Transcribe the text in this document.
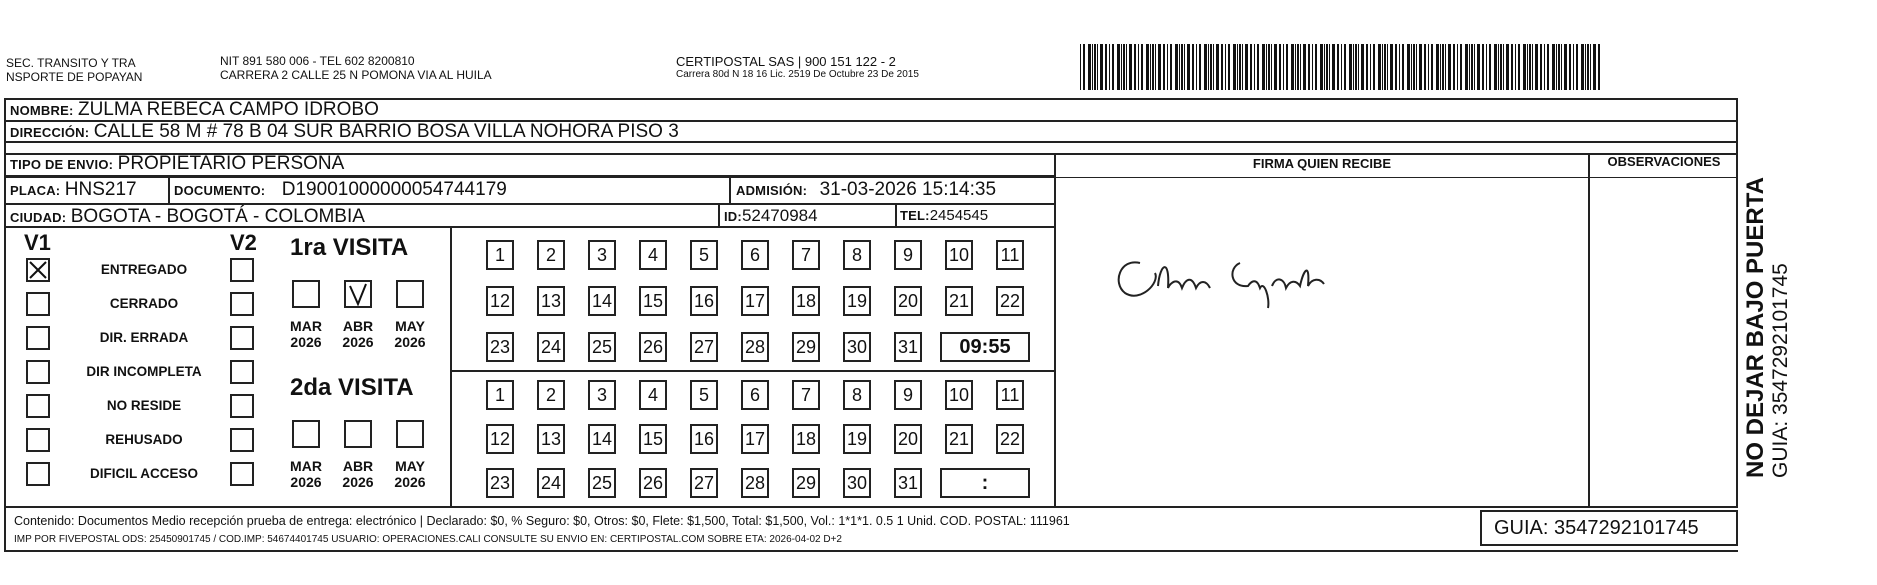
SEC. TRANSITO Y TRA
NSPORTE DE POPAYAN
NIT 891 580 006 - TEL 602 8200810
CARRERA 2 CALLE 25 N POMONA VIA AL HUILA
CERTIPOSTAL SAS | 900 151 122 - 2
Carrera 80d N 18 16 Lic. 2519 De Octubre 23 De 2015
NOMBRE: ZULMA REBECA CAMPO IDROBO
DIRECCIÓN: CALLE 58 M # 78 B 04 SUR BARRIO BOSA VILLA NOHORA PISO 3
TIPO DE ENVIO: PROPIETARIO PERSONA
PLACA: HNS217	DOCUMENTO: D19001000000054744179	ADMISIÓN: 31-03-2026 15:14:35
CIUDAD: BOGOTA - BOGOTÁ - COLOMBIA	ID:52470984	TEL:2454545
FIRMA QUIEN RECIBE	OBSERVACIONES
V1	V2
ENTREGADO
CERRADO
DIR. ERRADA
DIR INCOMPLETA
NO RESIDE
REHUSADO
DIFICIL ACCESO
1ra VISITA
2da VISITA
MAR
2026
ABR
2026
MAY
2026
MAR
2026
ABR
2026
MAY
2026
1	2	3	4	5	6	7	8	9	10 11
12 13 14 15 16 17 18 19 20 21 22
23 24 25 26 27 28 29 30 31	09:55
1	2	3	4	5	6	7	8	9	10 11
12 13 14 15 16 17 18 19 20 21 22
23 24 25 26 27 28 29 30 31	:
Contenido: Documentos Medio recepción prueba de entrega: electrónico | Declarado: $0, % Seguro: $0, Otros: $0, Flete: $1,500, Total: $1,500, Vol.: 1*1*1. 0.5 1 Unid. COD. POSTAL: 111961
IMP POR FIVEPOSTAL ODS: 25450901745 / COD.IMP: 54674401745 USUARIO: OPERACIONES.CALI CONSULTE SU ENVIO EN: CERTIPOSTAL.COM SOBRE ETA: 2026-04-02 D+2
GUIA: 3547292101745
NO DEJAR BAJO PUERTA GUIA: 3547292101745
